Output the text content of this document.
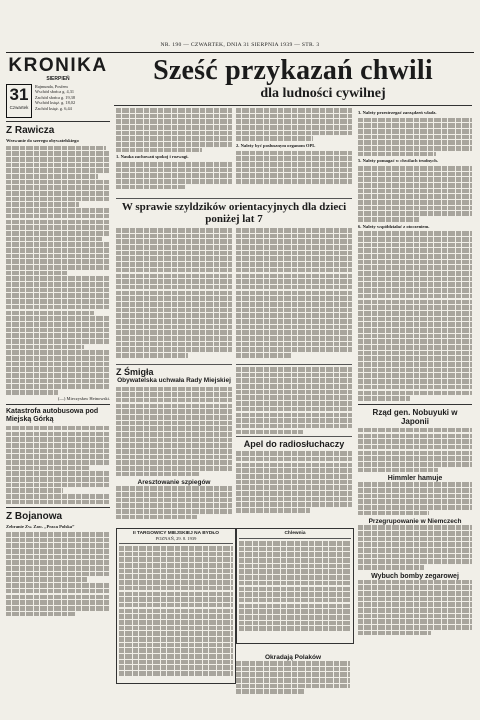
NR. 190 — CZWARTEK, DNIA 31 SIERPNIA 1939 — STR. 3
KRONIKA
SIERPIEŃ
31
Czwartek
Rajmunda, Posfem
Wschód słońca g. 4,31
Zachód słońca g. 19,38
Wschód księż. g. 18,02
Zachód księż. g. 6,44
Z Rawicza
Wezwanie do szeregu obywatelskiego
(—) Mieczysław Heinowski.
Katastrofa autobusowa pod Miejską Górką
Z Bojanowa
Zebranie Zw. Zaw. „Praca Polska”
Sześć przykazań chwili
dla ludności cywilnej
1. Nauka zachowań spokoj i rozwagi.
2. Należy być posłusznym organom OPL
W sprawie szyldzików orientacyjnych dla dzieci poniżej lat 7
Z Śmigła
Obywatelska uchwała Rady Miejskiej
Aresztowanie szpiegów
Apel do radiosłuchaczy
II TARGOWICY MIEJSKIEJ NA BYDŁO
POZNAŃ, 29. 8. 1939
Chlewnia
Okradają Polaków
3. Należy przestrzegać zarządzeń władz.
5. Należy pomagać w chwilach trudnych.
6. Należy współdziałać z otoczeniem.
Rząd gen. Nobuyuki w Japonii
Himmler hamuje
Przegrupowanie w Niemczech
Wybuch bomby zegarowej
